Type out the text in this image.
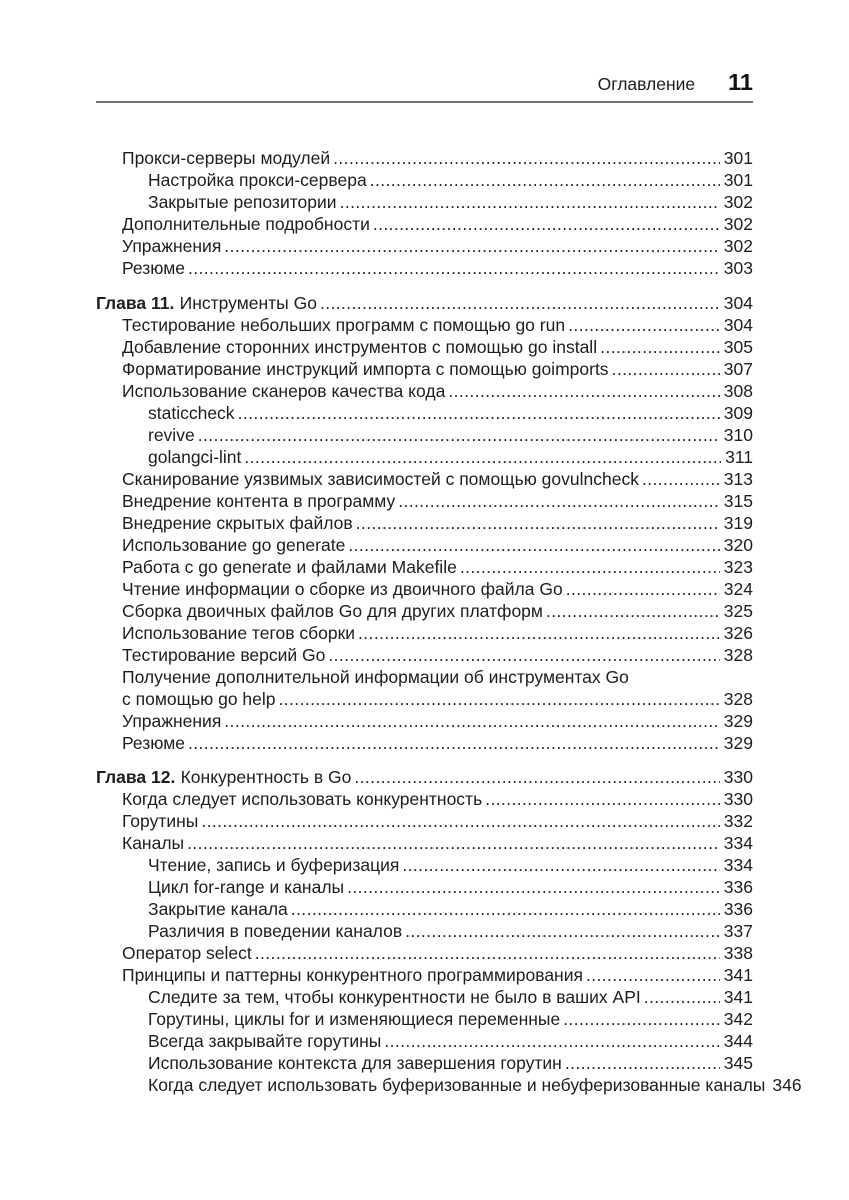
Оглавление 11
Прокси-серверы модулей .....	301
Настройка прокси-сервера .....	301
Закрытые репозитории .....	302
Дополнительные подробности .....	302
Упражнения .....	302
Резюме .....	303
Глава 11. Инструменты Go .....	304
Тестирование небольших программ с помощью go run .....	304
Добавление сторонних инструментов с помощью go install .....	305
Форматирование инструкций импорта с помощью goimports .....	307
Использование сканеров качества кода .....	308
staticcheck .....	309
revive .....	310
golangci-lint .....	311
Сканирование уязвимых зависимостей с помощью govulncheck .....	313
Внедрение контента в программу .....	315
Внедрение скрытых файлов .....	319
Использование go generate .....	320
Работа с go generate и файлами Makefile .....	323
Чтение информации о сборке из двоичного файла Go .....	324
Сборка двоичных файлов Go для других платформ .....	325
Использование тегов сборки .....	326
Тестирование версий Go .....	328
Получение дополнительной информации об инструментах Go
с помощью go help .....	328
Упражнения .....	329
Резюме .....	329
Глава 12. Конкурентность в Go .....	330
Когда следует использовать конкурентность .....	330
Горутины .....	332
Каналы .....	334
Чтение, запись и буферизация .....	334
Цикл for-range и каналы .....	336
Закрытие канала .....	336
Различия в поведении каналов .....	337
Оператор select .....	338
Принципы и паттерны конкурентного программирования .....	341
Следите за тем, чтобы конкурентности не было в ваших API .....	341
Горутины, циклы for и изменяющиеся переменные .....	342
Всегда закрывайте горутины .....	344
Использование контекста для завершения горутин .....	345
Когда следует использовать буферизованные и небуферизованные каналы 346
